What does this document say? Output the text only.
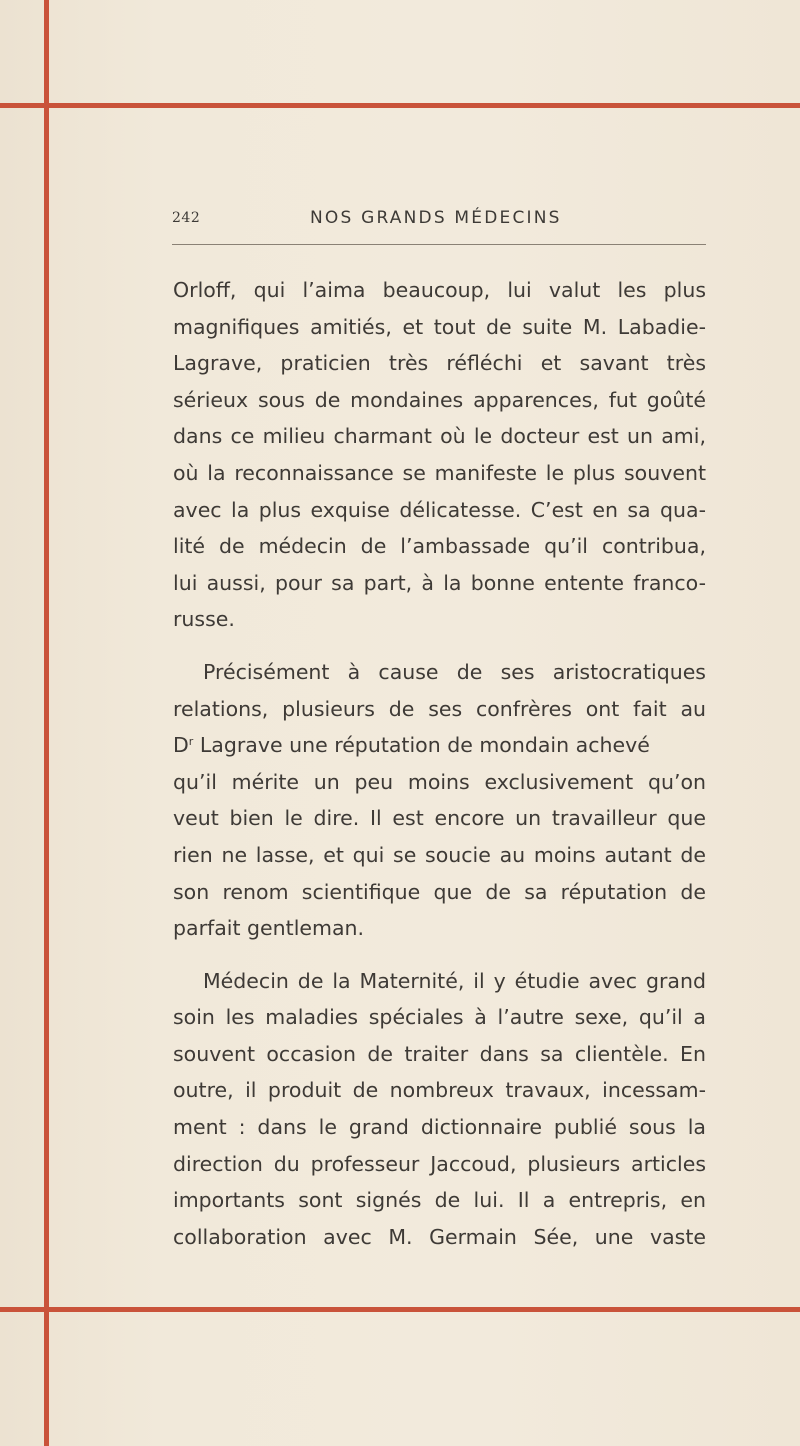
242	NOS GRANDS MÉDECINS
Orloff, qui l’aima beaucoup, lui valut les plus
magnifiques amitiés, et tout de suite M. Labadie-
Lagrave, praticien très réfléchi et savant très
sérieux sous de mondaines apparences, fut goûté
dans ce milieu charmant où le docteur est un ami,
où la reconnaissance se manifeste le plus souvent
avec la plus exquise délicatesse. C’est en sa qua-
lité de médecin de l’ambassade qu’il contribua,
lui aussi, pour sa part, à la bonne entente franco-
russe.
Précisément à cause de ses aristocratiques
relations, plusieurs de ses confrères ont fait au
$D^r$ Lagrave une réputation de mondain achevé
qu’il mérite un peu moins exclusivement qu’on
veut bien le dire. Il est encore un travailleur que
rien ne lasse, et qui se soucie au moins autant de
son renom scientifique que de sa réputation de
parfait gentleman.
Médecin de la Maternité, il y étudie avec grand
soin les maladies spéciales à l’autre sexe, qu’il a
souvent occasion de traiter dans sa clientèle. En
outre, il produit de nombreux travaux, incessam-
ment : dans le grand dictionnaire publié sous la
direction du professeur Jaccoud, plusieurs articles
importants sont signés de lui. Il a entrepris, en
collaboration avec M. Germain Sée, une vaste
